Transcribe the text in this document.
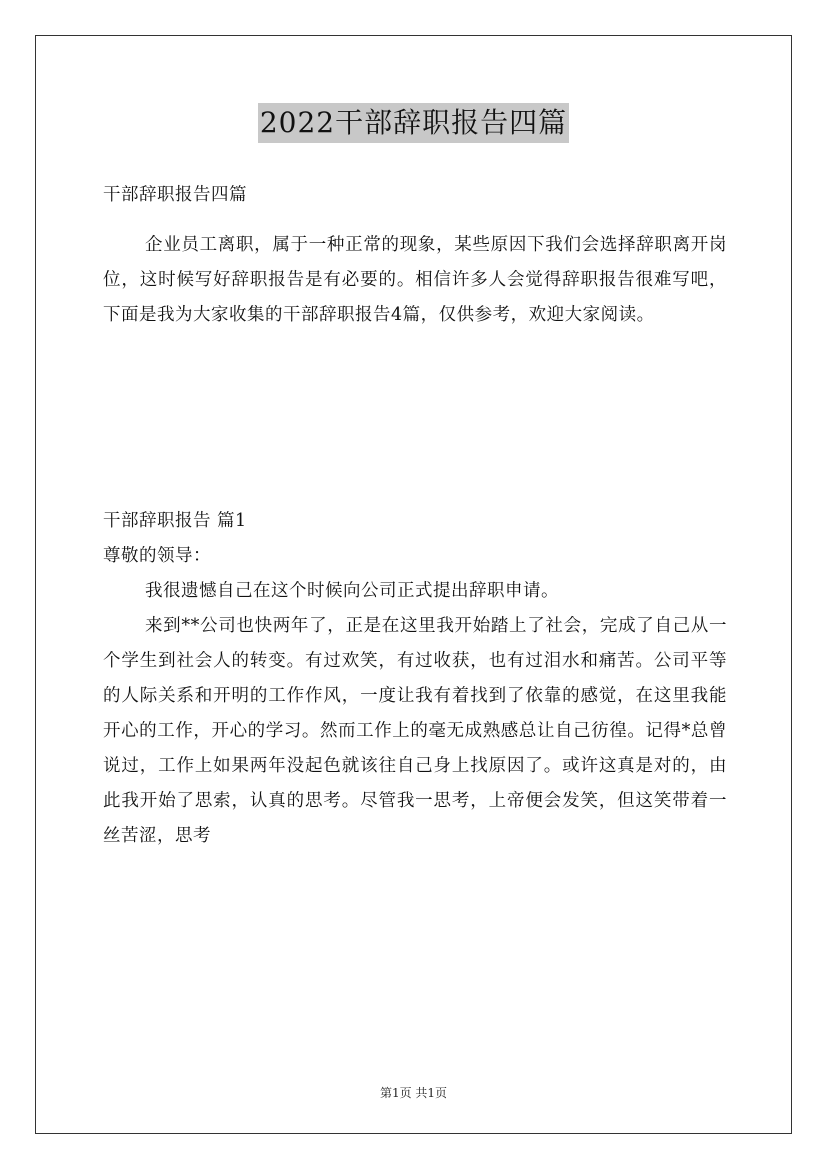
2022干部辞职报告四篇

干部辞职报告四篇

企业员工离职，属于一种正常的现象，某些原因下我们会选择辞职离开岗位，这时候写好辞职报告是有必要的。相信许多人会觉得辞职报告很难写吧，下面是我为大家收集的干部辞职报告4篇，仅供参考，欢迎大家阅读。

干部辞职报告 篇1

尊敬的领导：

我很遗憾自己在这个时候向公司正式提出辞职申请。

来到**公司也快两年了，正是在这里我开始踏上了社会，完成了自己从一个学生到社会人的转变。有过欢笑，有过收获，也有过泪水和痛苦。公司平等的人际关系和开明的工作作风，一度让我有着找到了依靠的感觉，在这里我能开心的工作，开心的学习。然而工作上的毫无成熟感总让自己彷徨。记得*总曾说过，工作上如果两年没起色就该往自己身上找原因了。或许这真是对的，由此我开始了思索，认真的思考。尽管我一思考，上帝便会发笑，但这笑带着一丝苦涩，思考

第1页 共1页
